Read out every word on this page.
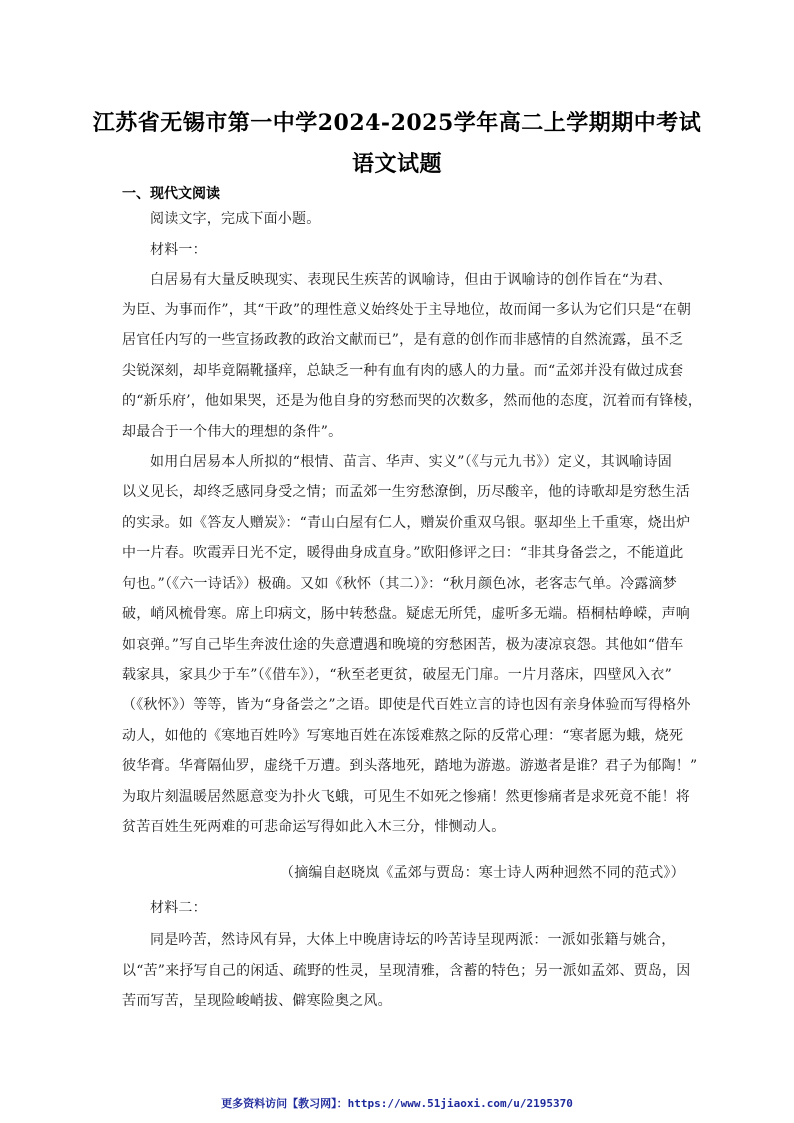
江苏省无锡市第一中学2024-2025学年高二上学期期中考试
语文试题
一、现代文阅读
阅读文字，完成下面小题。
材料一：
白居易有大量反映现实、表现民生疾苦的讽喻诗，但由于讽喻诗的创作旨在“为君、
为臣、为事而作”，其“干政”的理性意义始终处于主导地位，故而闻一多认为它们只是“在朝
居官任内写的一些宣扬政教的政治文献而已”，是有意的创作而非感情的自然流露，虽不乏
尖锐深刻，却毕竟隔靴搔痒，总缺乏一种有血有肉的感人的力量。而“孟郊并没有做过成套
的“新乐府’，他如果哭，还是为他自身的穷愁而哭的次数多，然而他的态度，沉着而有锋棱，
却最合于一个伟大的理想的条件”。
如用白居易本人所拟的“根情、苗言、华声、实义”（《与元九书》）定义，其讽喻诗固
以义见长，却终乏感同身受之情；而孟郊一生穷愁潦倒，历尽酸辛，他的诗歌却是穷愁生活
的实录。如《答友人赠炭》：“青山白屋有仁人，赠炭价重双乌银。驱却坐上千重寒，烧出炉
中一片春。吹霞弄日光不定，暖得曲身成直身。”欧阳修评之曰：“非其身备尝之，不能道此
句也。”（《六一诗话》）极确。又如《秋怀（其二）》：“秋月颜色冰，老客志气单。冷露滴梦
破，峭风梳骨寒。席上印病文，肠中转愁盘。疑虑无所凭，虚听多无端。梧桐枯峥嵘，声响
如哀弹。”写自己毕生奔波仕途的失意遭遇和晚境的穷愁困苦，极为凄凉哀怨。其他如“借车
载家具，家具少于车”（《借车》），“秋至老更贫，破屋无门扉。一片月落床，四壁风入衣”
（《秋怀》）等等，皆为“身备尝之”之语。即使是代百姓立言的诗也因有亲身体验而写得格外
动人，如他的《寒地百姓吟》写寒地百姓在冻馁难熬之际的反常心理：“寒者愿为蛾，烧死
彼华膏。华膏隔仙罗，虚绕千万遭。到头落地死，踏地为游遨。游遨者是谁？君子为郁陶！”
为取片刻温暖居然愿意变为扑火飞蛾，可见生不如死之惨痛！然更惨痛者是求死竟不能！将
贫苦百姓生死两难的可悲命运写得如此入木三分，悱恻动人。
（摘编自赵晓岚《孟郊与贾岛：寒士诗人两种迥然不同的范式》）
材料二：
同是吟苦，然诗风有异，大体上中晚唐诗坛的吟苦诗呈现两派：一派如张籍与姚合，
以“苦”来抒写自己的闲适、疏野的性灵，呈现清雅，含蓄的特色；另一派如孟郊、贾岛，因
苦而写苦，呈现险峻峭拔、僻寒险奥之风。
更多资料访问【教习网】：https://www.51jiaoxi.com/u/2195370
